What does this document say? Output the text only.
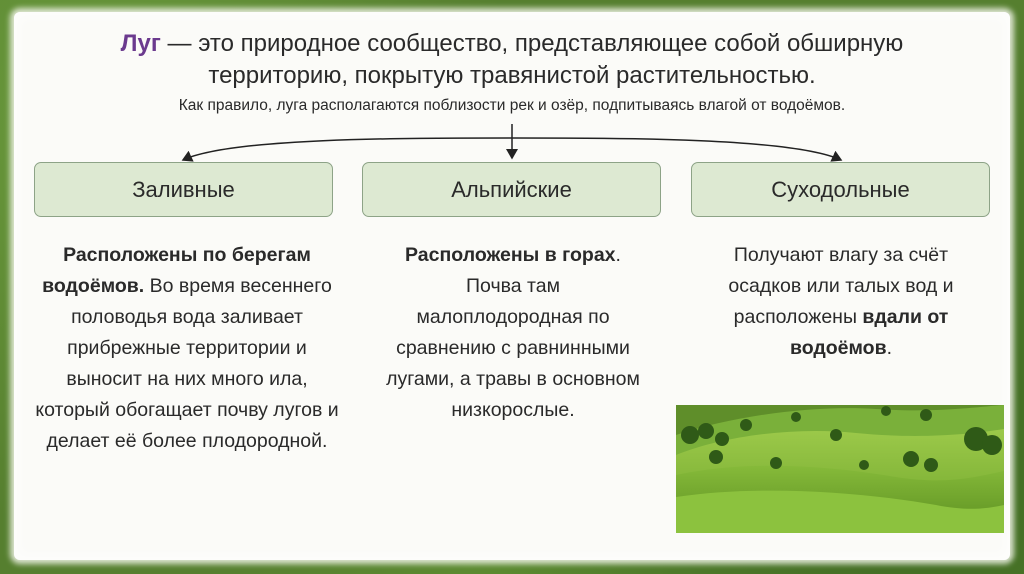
Луг — это природное сообщество, представляющее собой обширную
территорию, покрытую травянистой растительностью.
Как правило, луга располагаются поблизости рек и озёр, подпитываясь влагой от водоёмов.
Заливные	Альпийские	Суходольные
Расположены по берегам
водоёмов. Во время весеннего половодья вода заливает прибрежные территории и выносит на них много ила, который обогащает почву лугов и делает её более плодородной.
Расположены в горах. Почва там малоплодородная по сравнению с равнинными лугами, а травы в основном низкорослые.
Получают влагу за счёт осадков или талых вод и расположены вдали от водоёмов.
